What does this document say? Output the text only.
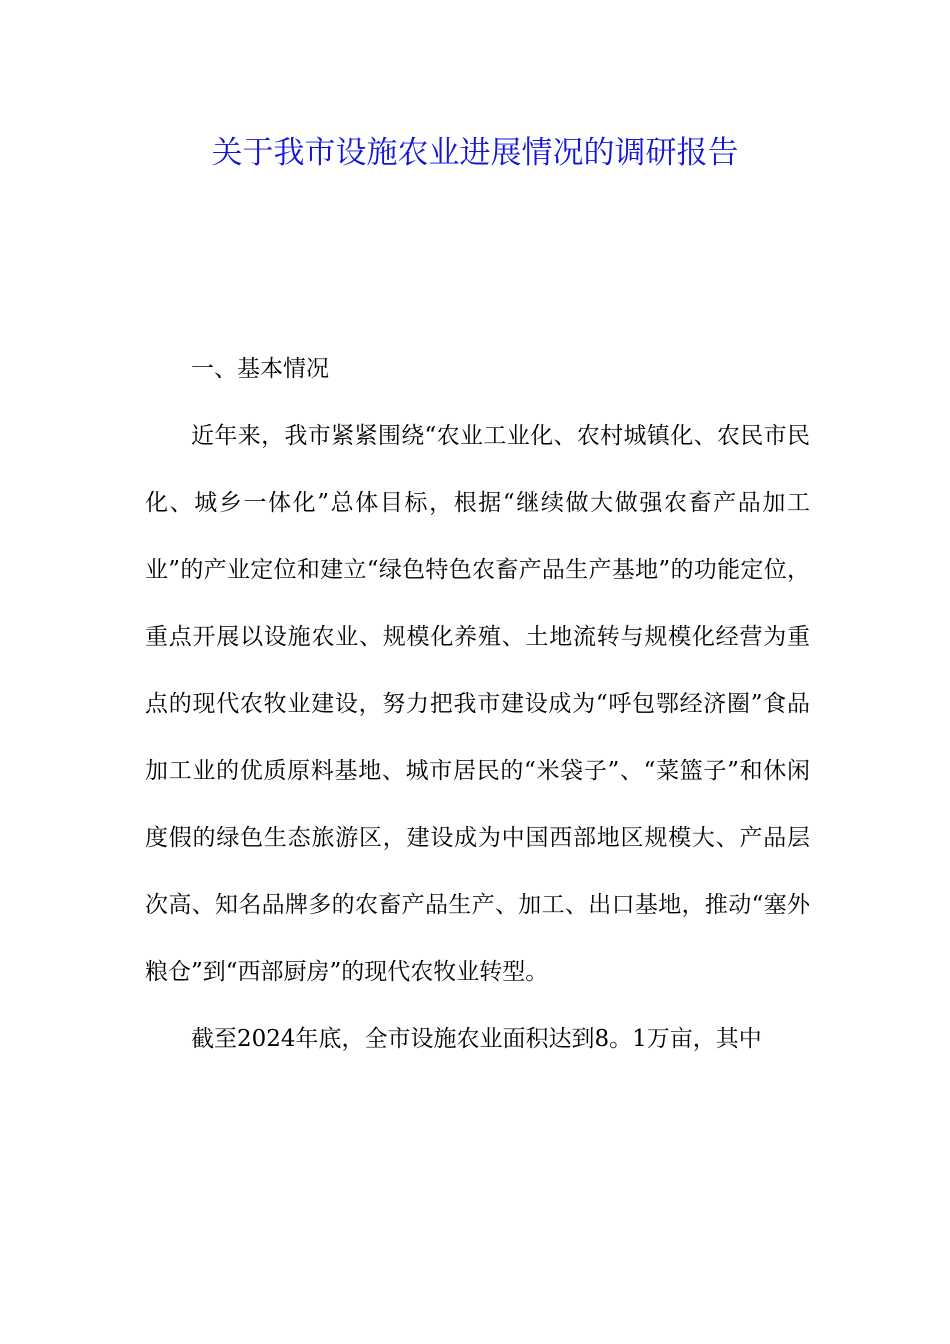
关于我市设施农业进展情况的调研报告

一、基本情况

近年来，我市紧紧围绕“农业工业化、农村城镇化、农民市民化、城乡一体化”总体目标，根据“继续做大做强农畜产品加工业”的产业定位和建立“绿色特色农畜产品生产基地”的功能定位，重点开展以设施农业、规模化养殖、土地流转与规模化经营为重点的现代农牧业建设，努力把我市建设成为“呼包鄂经济圈”食品加工业的优质原料基地、城市居民的“米袋子”、“菜篮子”和休闲度假的绿色生态旅游区，建设成为中国西部地区规模大、产品层次高、知名品牌多的农畜产品生产、加工、出口基地，推动“塞外粮仓”到“西部厨房”的现代农牧业转型。

截至2024年底，全市设施农业面积达到8。1万亩，其中
